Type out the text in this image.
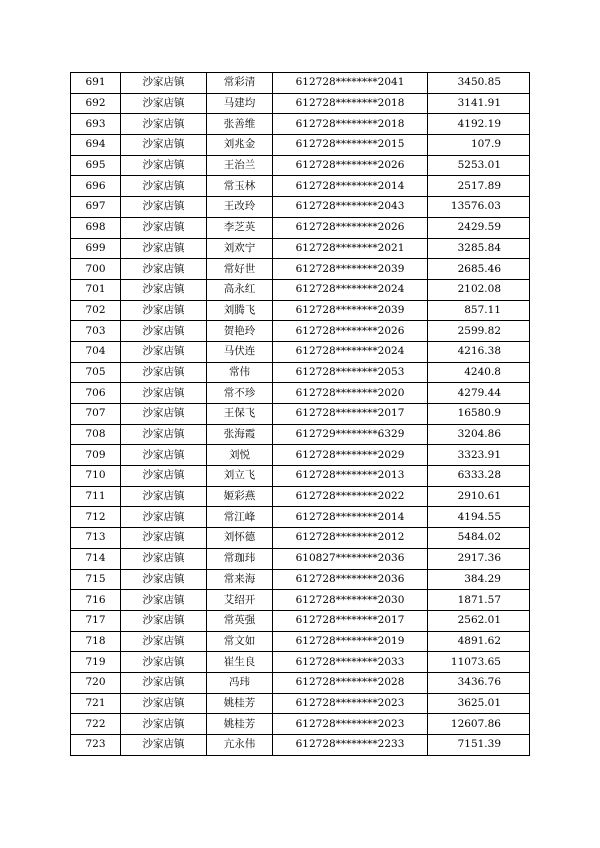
691	沙家店镇	常彩清	612728********2041	3450.85
692	沙家店镇	马建均	612728********2018	3141.91
693	沙家店镇	张善维	612728********2018	4192.19
694	沙家店镇	刘兆金	612728********2015	107.9
695	沙家店镇	王治兰	612728********2026	5253.01
696	沙家店镇	常玉林	612728********2014	2517.89
697	沙家店镇	王改玲	612728********2043	13576.03
698	沙家店镇	李芝英	612728********2026	2429.59
699	沙家店镇	刘欢宁	612728********2021	3285.84
700	沙家店镇	常好世	612728********2039	2685.46
701	沙家店镇	高永红	612728********2024	2102.08
702	沙家店镇	刘腾飞	612728********2039	857.11
703	沙家店镇	贺艳玲	612728********2026	2599.82
704	沙家店镇	马伏连	612728********2024	4216.38
705	沙家店镇	常伟	612728********2053	4240.8
706	沙家店镇	常不珍	612728********2020	4279.44
707	沙家店镇	王保飞	612728********2017	16580.9
708	沙家店镇	张海霞	612729********6329	3204.86
709	沙家店镇	刘悦	612728********2029	3323.91
710	沙家店镇	刘立飞	612728********2013	6333.28
711	沙家店镇	姬彩燕	612728********2022	2910.61
712	沙家店镇	常江峰	612728********2014	4194.55
713	沙家店镇	刘怀德	612728********2012	5484.02
714	沙家店镇	常珈玮	610827********2036	2917.36
715	沙家店镇	常来海	612728********2036	384.29
716	沙家店镇	艾绍开	612728********2030	1871.57
717	沙家店镇	常英强	612728********2017	2562.01
718	沙家店镇	常文如	612728********2019	4891.62
719	沙家店镇	崔生良	612728********2033	11073.65
720	沙家店镇	冯玮	612728********2028	3436.76
721	沙家店镇	姚桂芳	612728********2023	3625.01
722	沙家店镇	姚桂芳	612728********2023	12607.86
723	沙家店镇	亢永伟	612728********2233	7151.39
